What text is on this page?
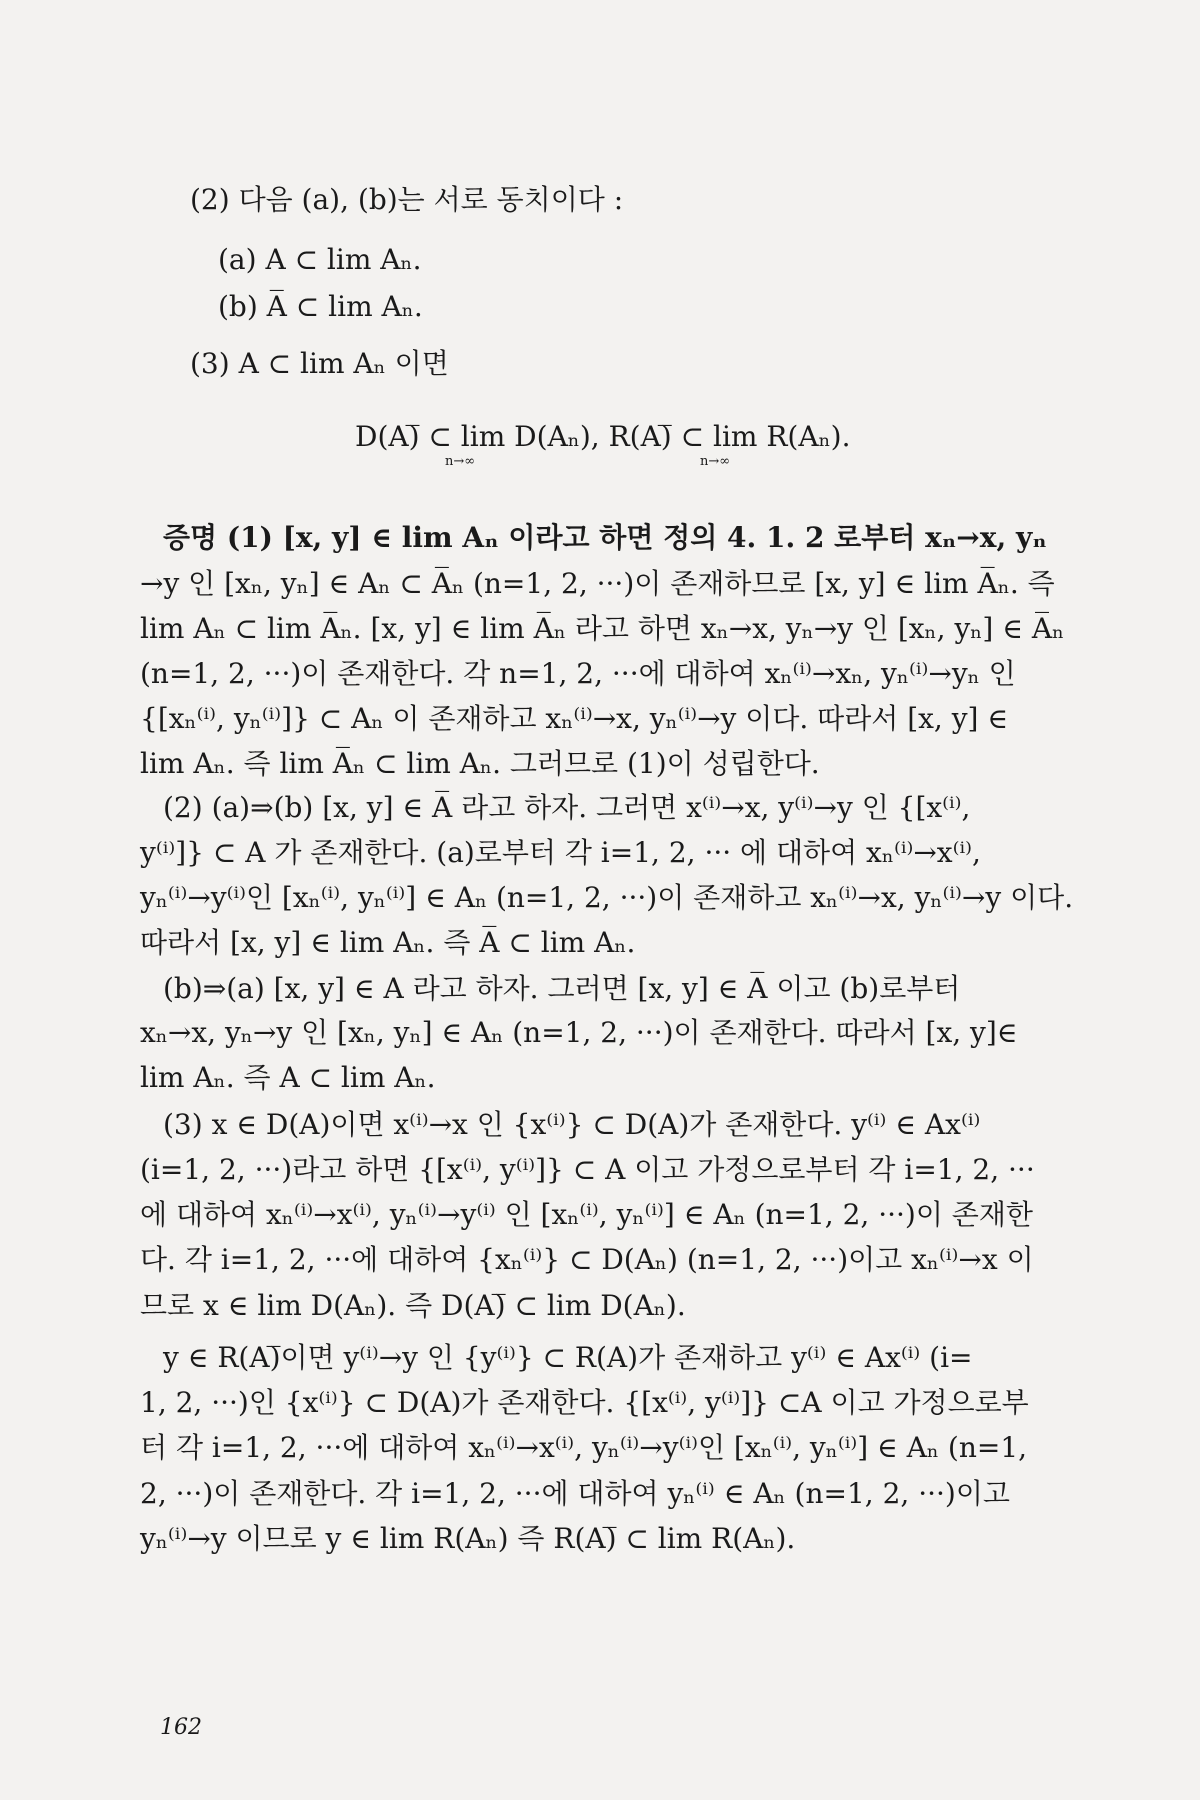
(2) 다음 (a), (b)는 서로 동치이다 :
(a) A ⊂ lim Aₙ.
(b) A̅ ⊂ lim Aₙ.
(3) A ⊂ lim Aₙ 이면
D(A)̅ ⊂ lim D(Aₙ), R(A)̅ ⊂ lim R(Aₙ).
n→∞	n→∞
증명 (1) [x, y] ∈ lim Aₙ 이라고 하면 정의 4. 1. 2 로부터 xₙ→x, yₙ
→y 인 [xₙ, yₙ] ∈ Aₙ ⊂ A̅ₙ (n=1, 2, ···)이 존재하므로 [x, y] ∈ lim A̅ₙ. 즉
lim Aₙ ⊂ lim A̅ₙ. [x, y] ∈ lim A̅ₙ 라고 하면 xₙ→x, yₙ→y 인 [xₙ, yₙ] ∈ A̅ₙ
(n=1, 2, ···)이 존재한다. 각 n=1, 2, ···에 대하여 xₙ⁽ⁱ⁾→xₙ, yₙ⁽ⁱ⁾→yₙ 인
{[xₙ⁽ⁱ⁾, yₙ⁽ⁱ⁾]} ⊂ Aₙ 이 존재하고 xₙ⁽ⁱ⁾→x, yₙ⁽ⁱ⁾→y 이다. 따라서 [x, y] ∈
lim Aₙ. 즉 lim A̅ₙ ⊂ lim Aₙ. 그러므로 (1)이 성립한다.
(2) (a)⇒(b) [x, y] ∈ A̅ 라고 하자. 그러면 x⁽ⁱ⁾→x, y⁽ⁱ⁾→y 인 {[x⁽ⁱ⁾,
y⁽ⁱ⁾]} ⊂ A 가 존재한다. (a)로부터 각 i=1, 2, ··· 에 대하여 xₙ⁽ⁱ⁾→x⁽ⁱ⁾,
yₙ⁽ⁱ⁾→y⁽ⁱ⁾인 [xₙ⁽ⁱ⁾, yₙ⁽ⁱ⁾] ∈ Aₙ (n=1, 2, ···)이 존재하고 xₙ⁽ⁱ⁾→x, yₙ⁽ⁱ⁾→y 이다.
따라서 [x, y] ∈ lim Aₙ. 즉 A̅ ⊂ lim Aₙ.
(b)⇒(a) [x, y] ∈ A 라고 하자. 그러면 [x, y] ∈ A̅ 이고 (b)로부터
xₙ→x, yₙ→y 인 [xₙ, yₙ] ∈ Aₙ (n=1, 2, ···)이 존재한다. 따라서 [x, y]∈
lim Aₙ. 즉 A ⊂ lim Aₙ.
(3) x ∈ D(A)이면 x⁽ⁱ⁾→x 인 {x⁽ⁱ⁾} ⊂ D(A)가 존재한다. y⁽ⁱ⁾ ∈ Ax⁽ⁱ⁾
(i=1, 2, ···)라고 하면 {[x⁽ⁱ⁾, y⁽ⁱ⁾]} ⊂ A 이고 가정으로부터 각 i=1, 2, ···
에 대하여 xₙ⁽ⁱ⁾→x⁽ⁱ⁾, yₙ⁽ⁱ⁾→y⁽ⁱ⁾ 인 [xₙ⁽ⁱ⁾, yₙ⁽ⁱ⁾] ∈ Aₙ (n=1, 2, ···)이 존재한
다. 각 i=1, 2, ···에 대하여 {xₙ⁽ⁱ⁾} ⊂ D(Aₙ) (n=1, 2, ···)이고 xₙ⁽ⁱ⁾→x 이
므로 x ∈ lim D(Aₙ). 즉 D(A)̅ ⊂ lim D(Aₙ).
y ∈ R(A)̅이면 y⁽ⁱ⁾→y 인 {y⁽ⁱ⁾} ⊂ R(A)가 존재하고 y⁽ⁱ⁾ ∈ Ax⁽ⁱ⁾ (i=
1, 2, ···)인 {x⁽ⁱ⁾} ⊂ D(A)가 존재한다. {[x⁽ⁱ⁾, y⁽ⁱ⁾]} ⊂A 이고 가정으로부
터 각 i=1, 2, ···에 대하여 xₙ⁽ⁱ⁾→x⁽ⁱ⁾, yₙ⁽ⁱ⁾→y⁽ⁱ⁾인 [xₙ⁽ⁱ⁾, yₙ⁽ⁱ⁾] ∈ Aₙ (n=1,
2, ···)이 존재한다. 각 i=1, 2, ···에 대하여 yₙ⁽ⁱ⁾ ∈ Aₙ (n=1, 2, ···)이고
yₙ⁽ⁱ⁾→y 이므로 y ∈ lim R(Aₙ) 즉 R(A)̅ ⊂ lim R(Aₙ).
162
